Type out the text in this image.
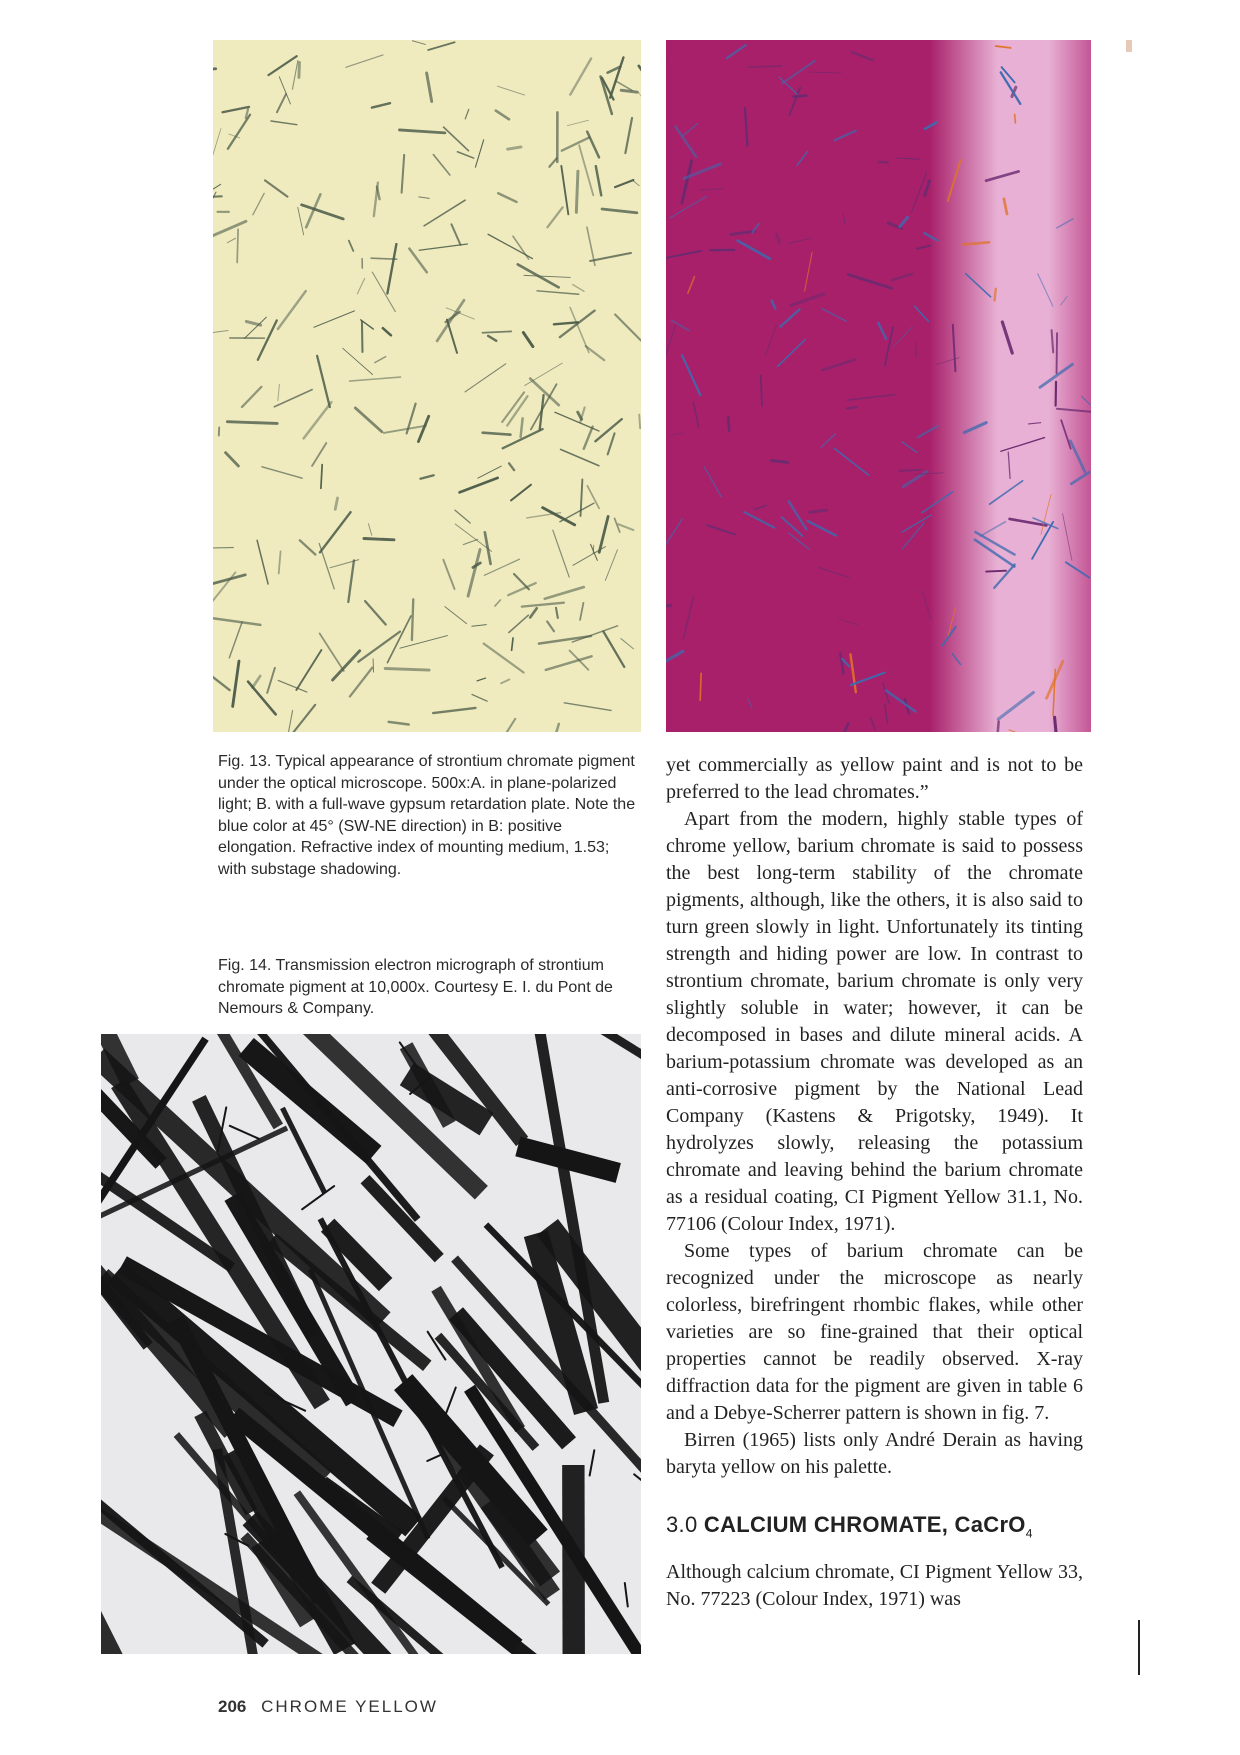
Fig. 13. Typical appearance of strontium chromate pigment under the optical microscope. 500x:A. in plane-polarized light; B. with a full-wave gypsum retardation plate. Note the blue color at 45° (SW-NE direction) in B: positive elongation. Refractive index of mounting medium, 1.53; with substage shadowing.
Fig. 14. Transmission electron micrograph of strontium chromate pigment at 10,000x. Courtesy E. I. du Pont de Nemours & Company.

yet commercially as yellow paint and is not to be preferred to the lead chromates.”

Apart from the modern, highly stable types of chrome yellow, barium chromate is said to possess the best long-term stability of the chromate pigments, although, like the others, it is also said to turn green slowly in light. Unfortunately its tinting strength and hiding power are low. In contrast to strontium chromate, barium chromate is only very slightly soluble in water; however, it can be decomposed in bases and dilute mineral acids. A barium-potassium chromate was developed as an anti-corrosive pigment by the National Lead Company (Kastens & Prigotsky, 1949). It hydrolyzes slowly, releasing the potassium chromate and leaving behind the barium chromate as a residual coating, CI Pigment Yellow 31.1, No. 77106 (Colour Index, 1971).

Some types of barium chromate can be recognized under the microscope as nearly colorless, birefringent rhombic flakes, while other varieties are so fine-grained that their optical properties cannot be readily observed. X-ray diffraction data for the pigment are given in table 6 and a Debye-Scherrer pattern is shown in fig. 7.

Birren (1965) lists only André Derain as having baryta yellow on his palette.

3.0 CALCIUM CHROMATE, CaCrO$_4$

Although calcium chromate, CI Pigment Yellow 33, No. 77223 (Colour Index, 1971) was

206 CHROME YELLOW
